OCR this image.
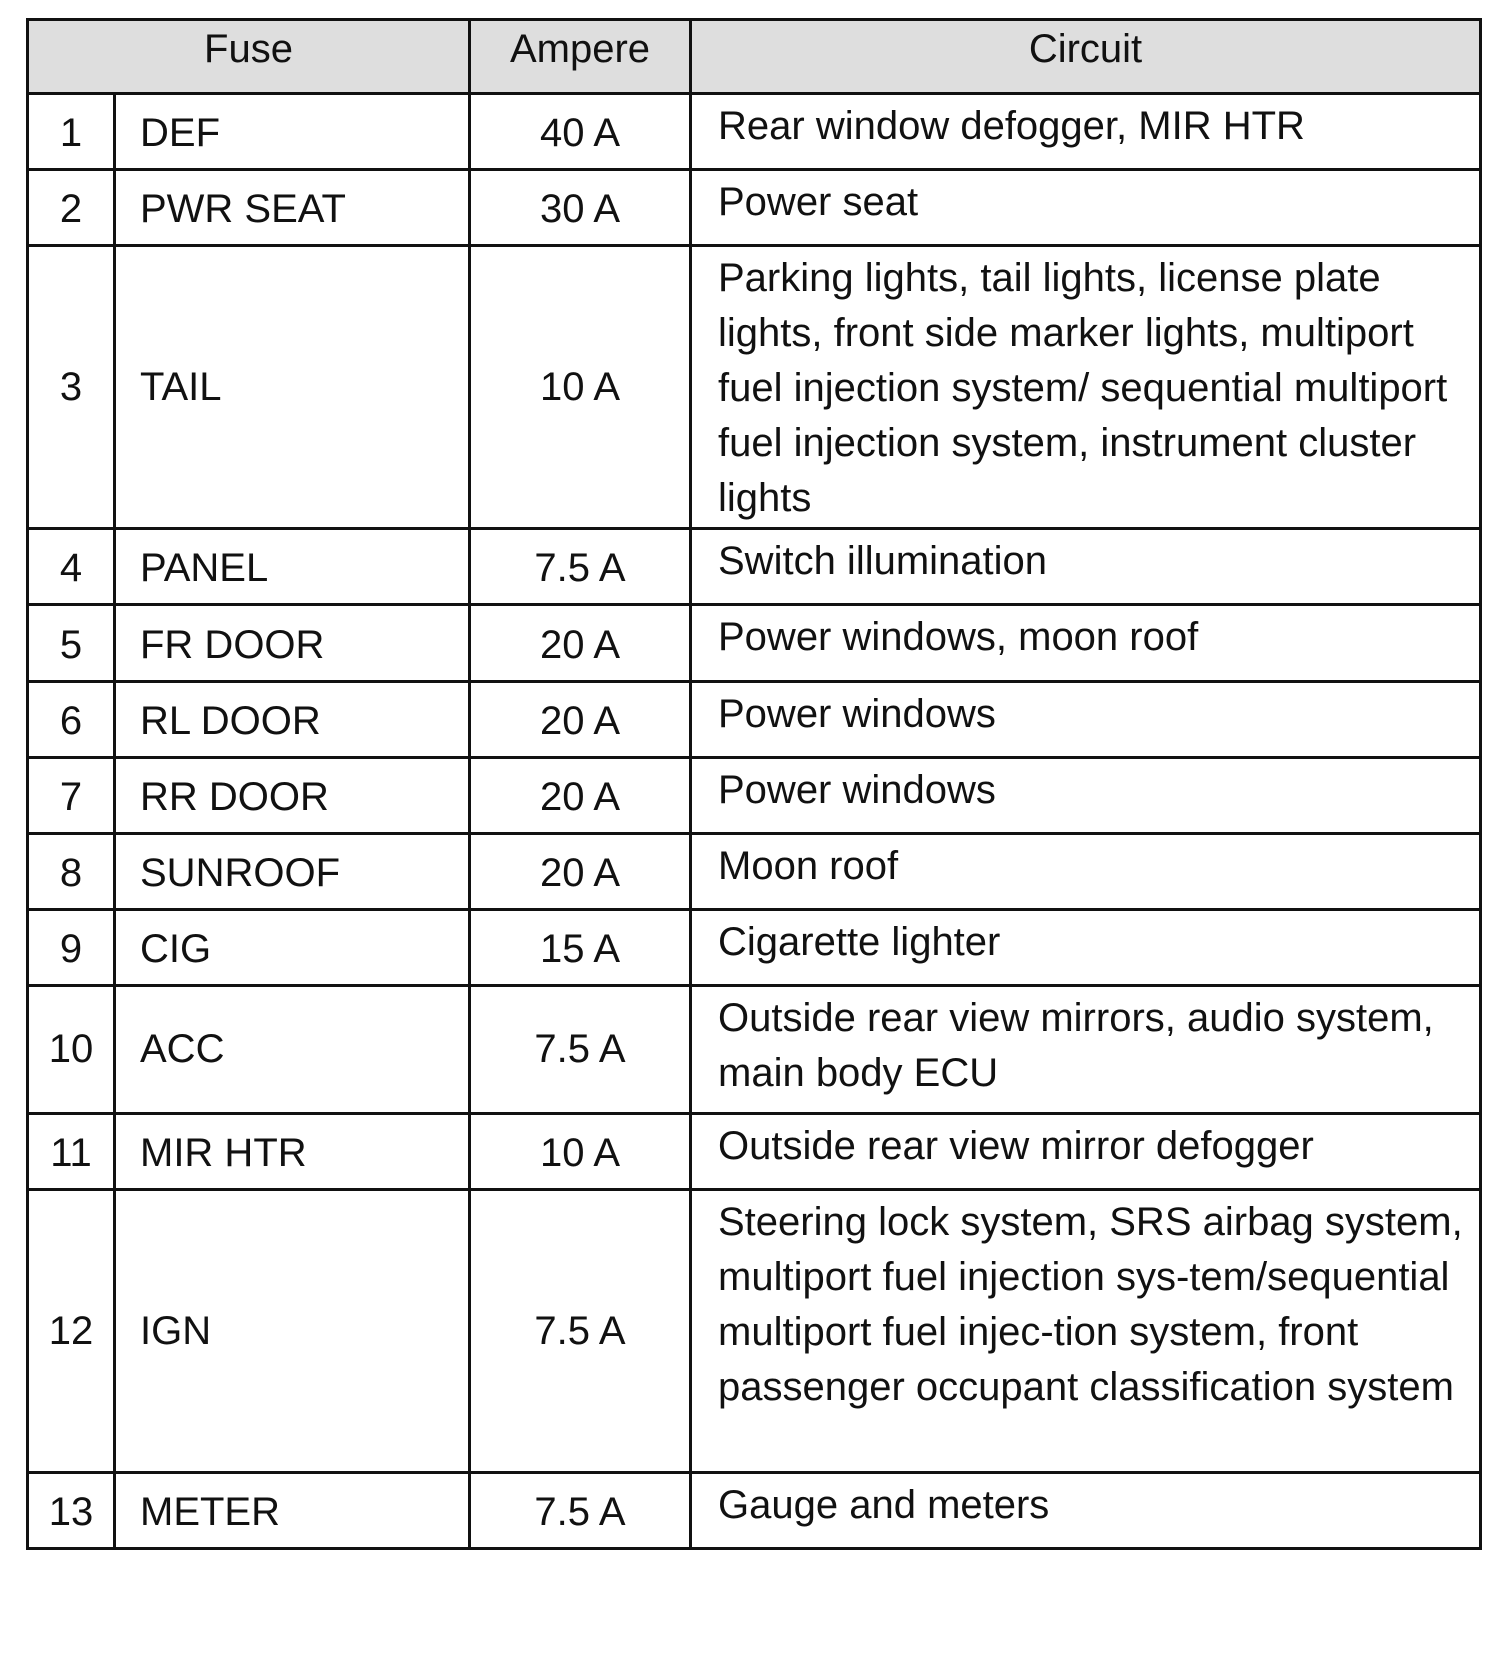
Fuse		Ampere	Circuit
1	DEF	40 A	Rear window defogger, MIR HTR
2	PWR SEAT	30 A	Power seat
3	TAIL	10 A	Parking lights, tail lights, license plate lights, front side marker lights, multiport fuel injection system/ sequential multiport fuel injection system, instrument cluster lights
4	PANEL	7.5 A	Switch illumination
5	FR DOOR	20 A	Power windows, moon roof
6	RL DOOR	20 A	Power windows
7	RR DOOR	20 A	Power windows
8	SUNROOF	20 A	Moon roof
9	CIG	15 A	Cigarette lighter
10	ACC	7.5 A	Outside rear view mirrors, audio system, main body ECU
11	MIR HTR	10 A	Outside rear view mirror defogger
12	IGN	7.5 A	Steering lock system, SRS airbag system, multiport fuel injection sys-tem/sequential multiport fuel injec-tion system, front passenger occupant classification system
13	METER	7.5 A	Gauge and meters
